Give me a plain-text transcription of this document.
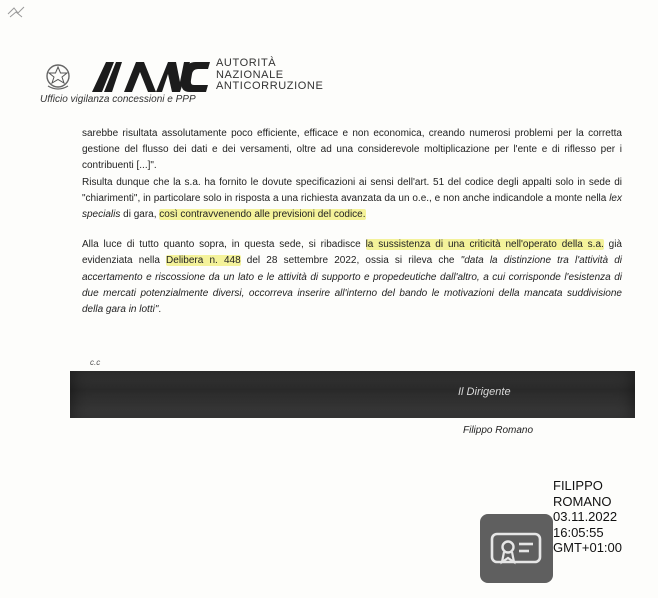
AUTORITÀ
NAZIONALE
ANTICORRUZIONE
Ufficio vigilanza concessioni e PPP

sarebbe risultata assolutamente poco efficiente, efficace e non economica, creando numerosi problemi per la corretta gestione del flusso dei dati e dei versamenti, oltre ad una considerevole moltiplicazione per l'ente e di riflesso per i contribuenti [...]".

Risulta dunque che la s.a. ha fornito le dovute specificazioni ai sensi dell'art. 51 del codice degli appalti solo in sede di "chiarimenti", in particolare solo in risposta a una richiesta avanzata da un o.e., e non anche indicandole a monte nella lex specialis di gara, così contravvenendo alle previsioni del codice.

Alla luce di tutto quanto sopra, in questa sede, si ribadisce la sussistenza di una criticità nell'operato della s.a. già evidenziata nella Delibera n. 448 del 28 settembre 2022, ossia si rileva che "data la distinzione tra l'attività di accertamento e riscossione da un lato e le attività di supporto e propedeutiche dall'altro, a cui corrisponde l'esistenza di due mercati potenzialmente diversi, occorreva inserire all'interno del bando le motivazioni della mancata suddivisione della gara in lotti".

c.c
Il Dirigente
Filippo Romano
FILIPPO
ROMANO
03.11.2022
16:05:55
GMT+01:00
